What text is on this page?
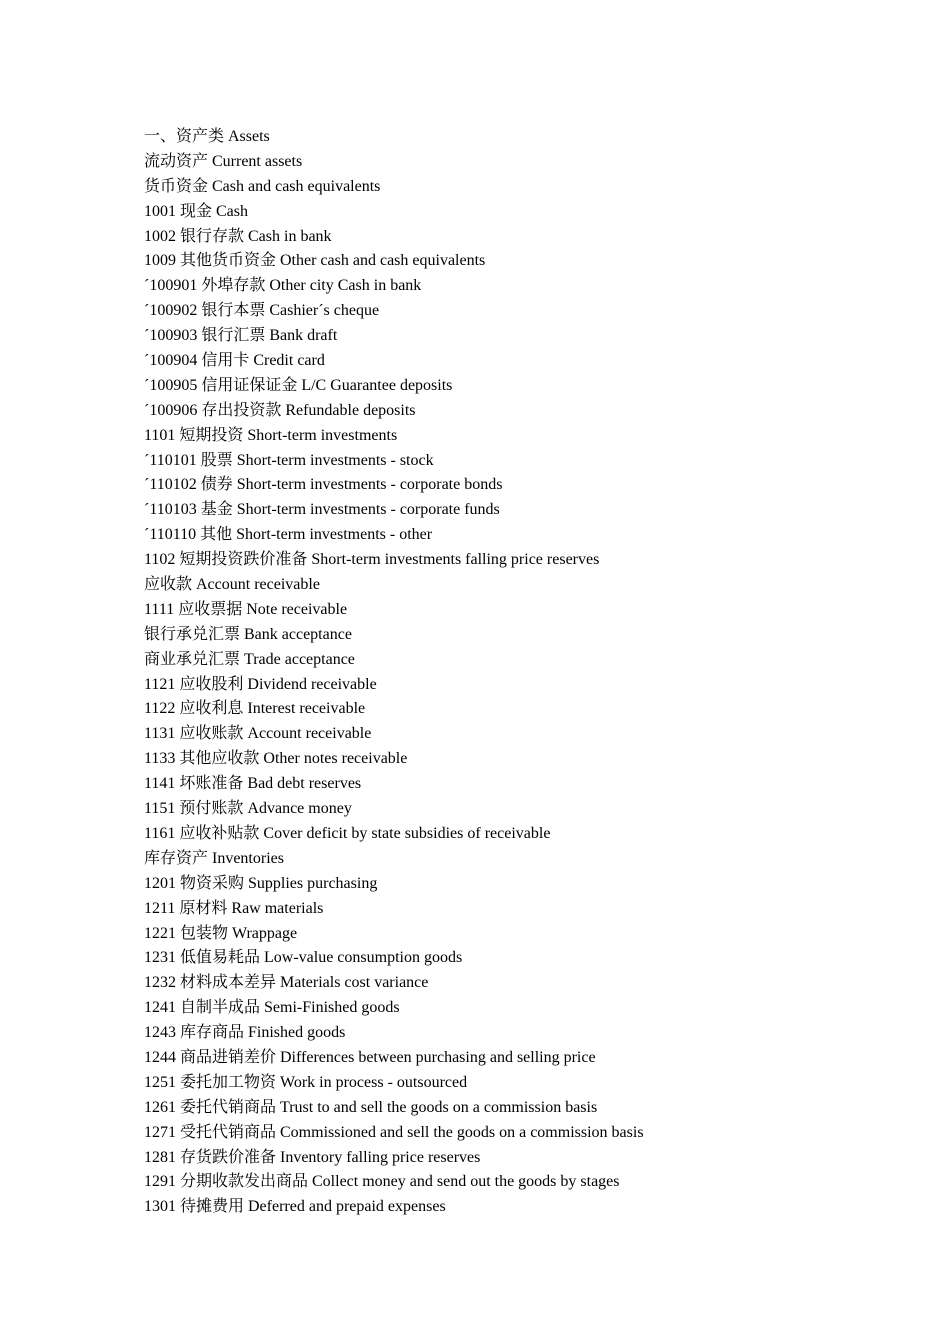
一、资产类 Assets
流动资产 Current assets
货币资金 Cash and cash equivalents
1001 现金 Cash
1002 银行存款 Cash in bank
1009 其他货币资金 Other cash and cash equivalents
´100901 外埠存款 Other city Cash in bank
´100902 银行本票 Cashier´s cheque
´100903 银行汇票 Bank draft
´100904 信用卡 Credit card
´100905 信用证保证金 L/C Guarantee deposits
´100906 存出投资款 Refundable deposits
1101 短期投资 Short-term investments
´110101 股票 Short-term investments - stock
´110102 债券 Short-term investments - corporate bonds
´110103 基金 Short-term investments - corporate funds
´110110 其他 Short-term investments - other
1102 短期投资跌价准备 Short-term investments falling price reserves
应收款 Account receivable
1111 应收票据 Note receivable
银行承兑汇票 Bank acceptance
商业承兑汇票 Trade acceptance
1121 应收股利 Dividend receivable
1122 应收利息 Interest receivable
1131 应收账款 Account receivable
1133 其他应收款 Other notes receivable
1141 坏账准备 Bad debt reserves
1151 预付账款 Advance money
1161 应收补贴款 Cover deficit by state subsidies of receivable
库存资产 Inventories
1201 物资采购 Supplies purchasing
1211 原材料 Raw materials
1221 包装物 Wrappage
1231 低值易耗品 Low-value consumption goods
1232 材料成本差异 Materials cost variance
1241 自制半成品 Semi-Finished goods
1243 库存商品 Finished goods
1244 商品进销差价 Differences between purchasing and selling price
1251 委托加工物资 Work in process - outsourced
1261 委托代销商品 Trust to and sell the goods on a commission basis
1271 受托代销商品 Commissioned and sell the goods on a commission basis
1281 存货跌价准备 Inventory falling price reserves
1291 分期收款发出商品 Collect money and send out the goods by stages
1301 待摊费用 Deferred and prepaid expenses
